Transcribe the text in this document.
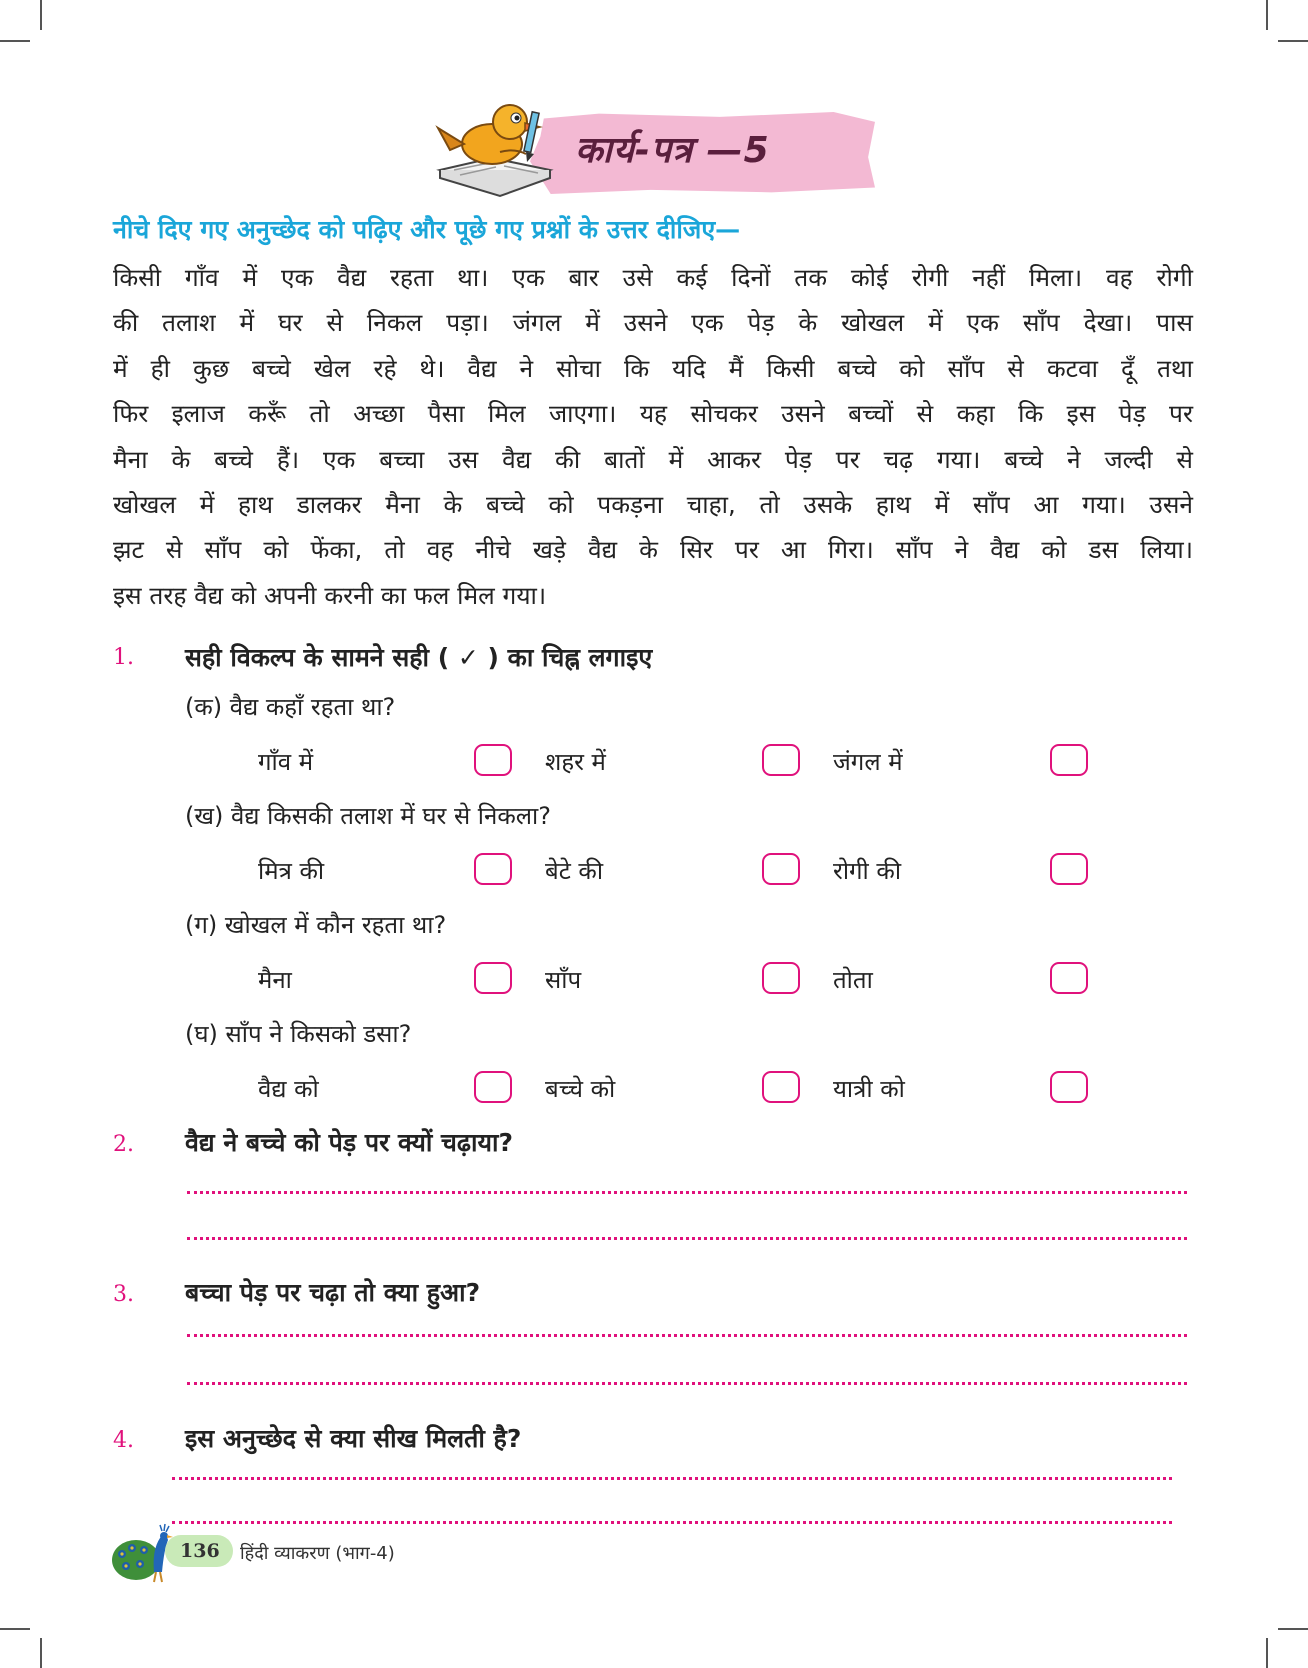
कार्य-पत्र —5
नीचे दिए गए अनुच्छेद को पढ़िए और पूछे गए प्रश्नों के उत्तर दीजिए—
किसी गाँव में एक वैद्य रहता था। एक बार उसे कई दिनों तक कोई रोगी नहीं मिला। वह रोगी
की तलाश में घर से निकल पड़ा। जंगल में उसने एक पेड़ के खोखल में एक साँप देखा। पास
में ही कुछ बच्चे खेल रहे थे। वैद्य ने सोचा कि यदि मैं किसी बच्चे को साँप से कटवा दूँ तथा
फिर इलाज करूँ तो अच्छा पैसा मिल जाएगा। यह सोचकर उसने बच्चों से कहा कि इस पेड़ पर
मैना के बच्चे हैं। एक बच्चा उस वैद्य की बातों में आकर पेड़ पर चढ़ गया। बच्चे ने जल्दी से
खोखल में हाथ डालकर मैना के बच्चे को पकड़ना चाहा, तो उसके हाथ में साँप आ गया। उसने
झट से साँप को फेंका, तो वह नीचे खड़े वैद्य के सिर पर आ गिरा। साँप ने वैद्य को डस लिया।
इस तरह वैद्य को अपनी करनी का फल मिल गया।
1. सही विकल्प के सामने सही ( ✓ ) का चिह्न लगाइए
(क) वैद्य कहाँ रहता था?
गाँव में	शहर में	जंगल में
(ख) वैद्य किसकी तलाश में घर से निकला?
मित्र की	बेटे की	रोगी की
(ग) खोखल में कौन रहता था?
मैना	साँप	तोता
(घ) साँप ने किसको डसा?
वैद्य को	बच्चे को	यात्री को
2. वैद्य ने बच्चे को पेड़ पर क्यों चढ़ाया?
3. बच्चा पेड़ पर चढ़ा तो क्या हुआ?
4. इस अनुच्छेद से क्या सीख मिलती है?
136 हिंदी व्याकरण (भाग-4)
